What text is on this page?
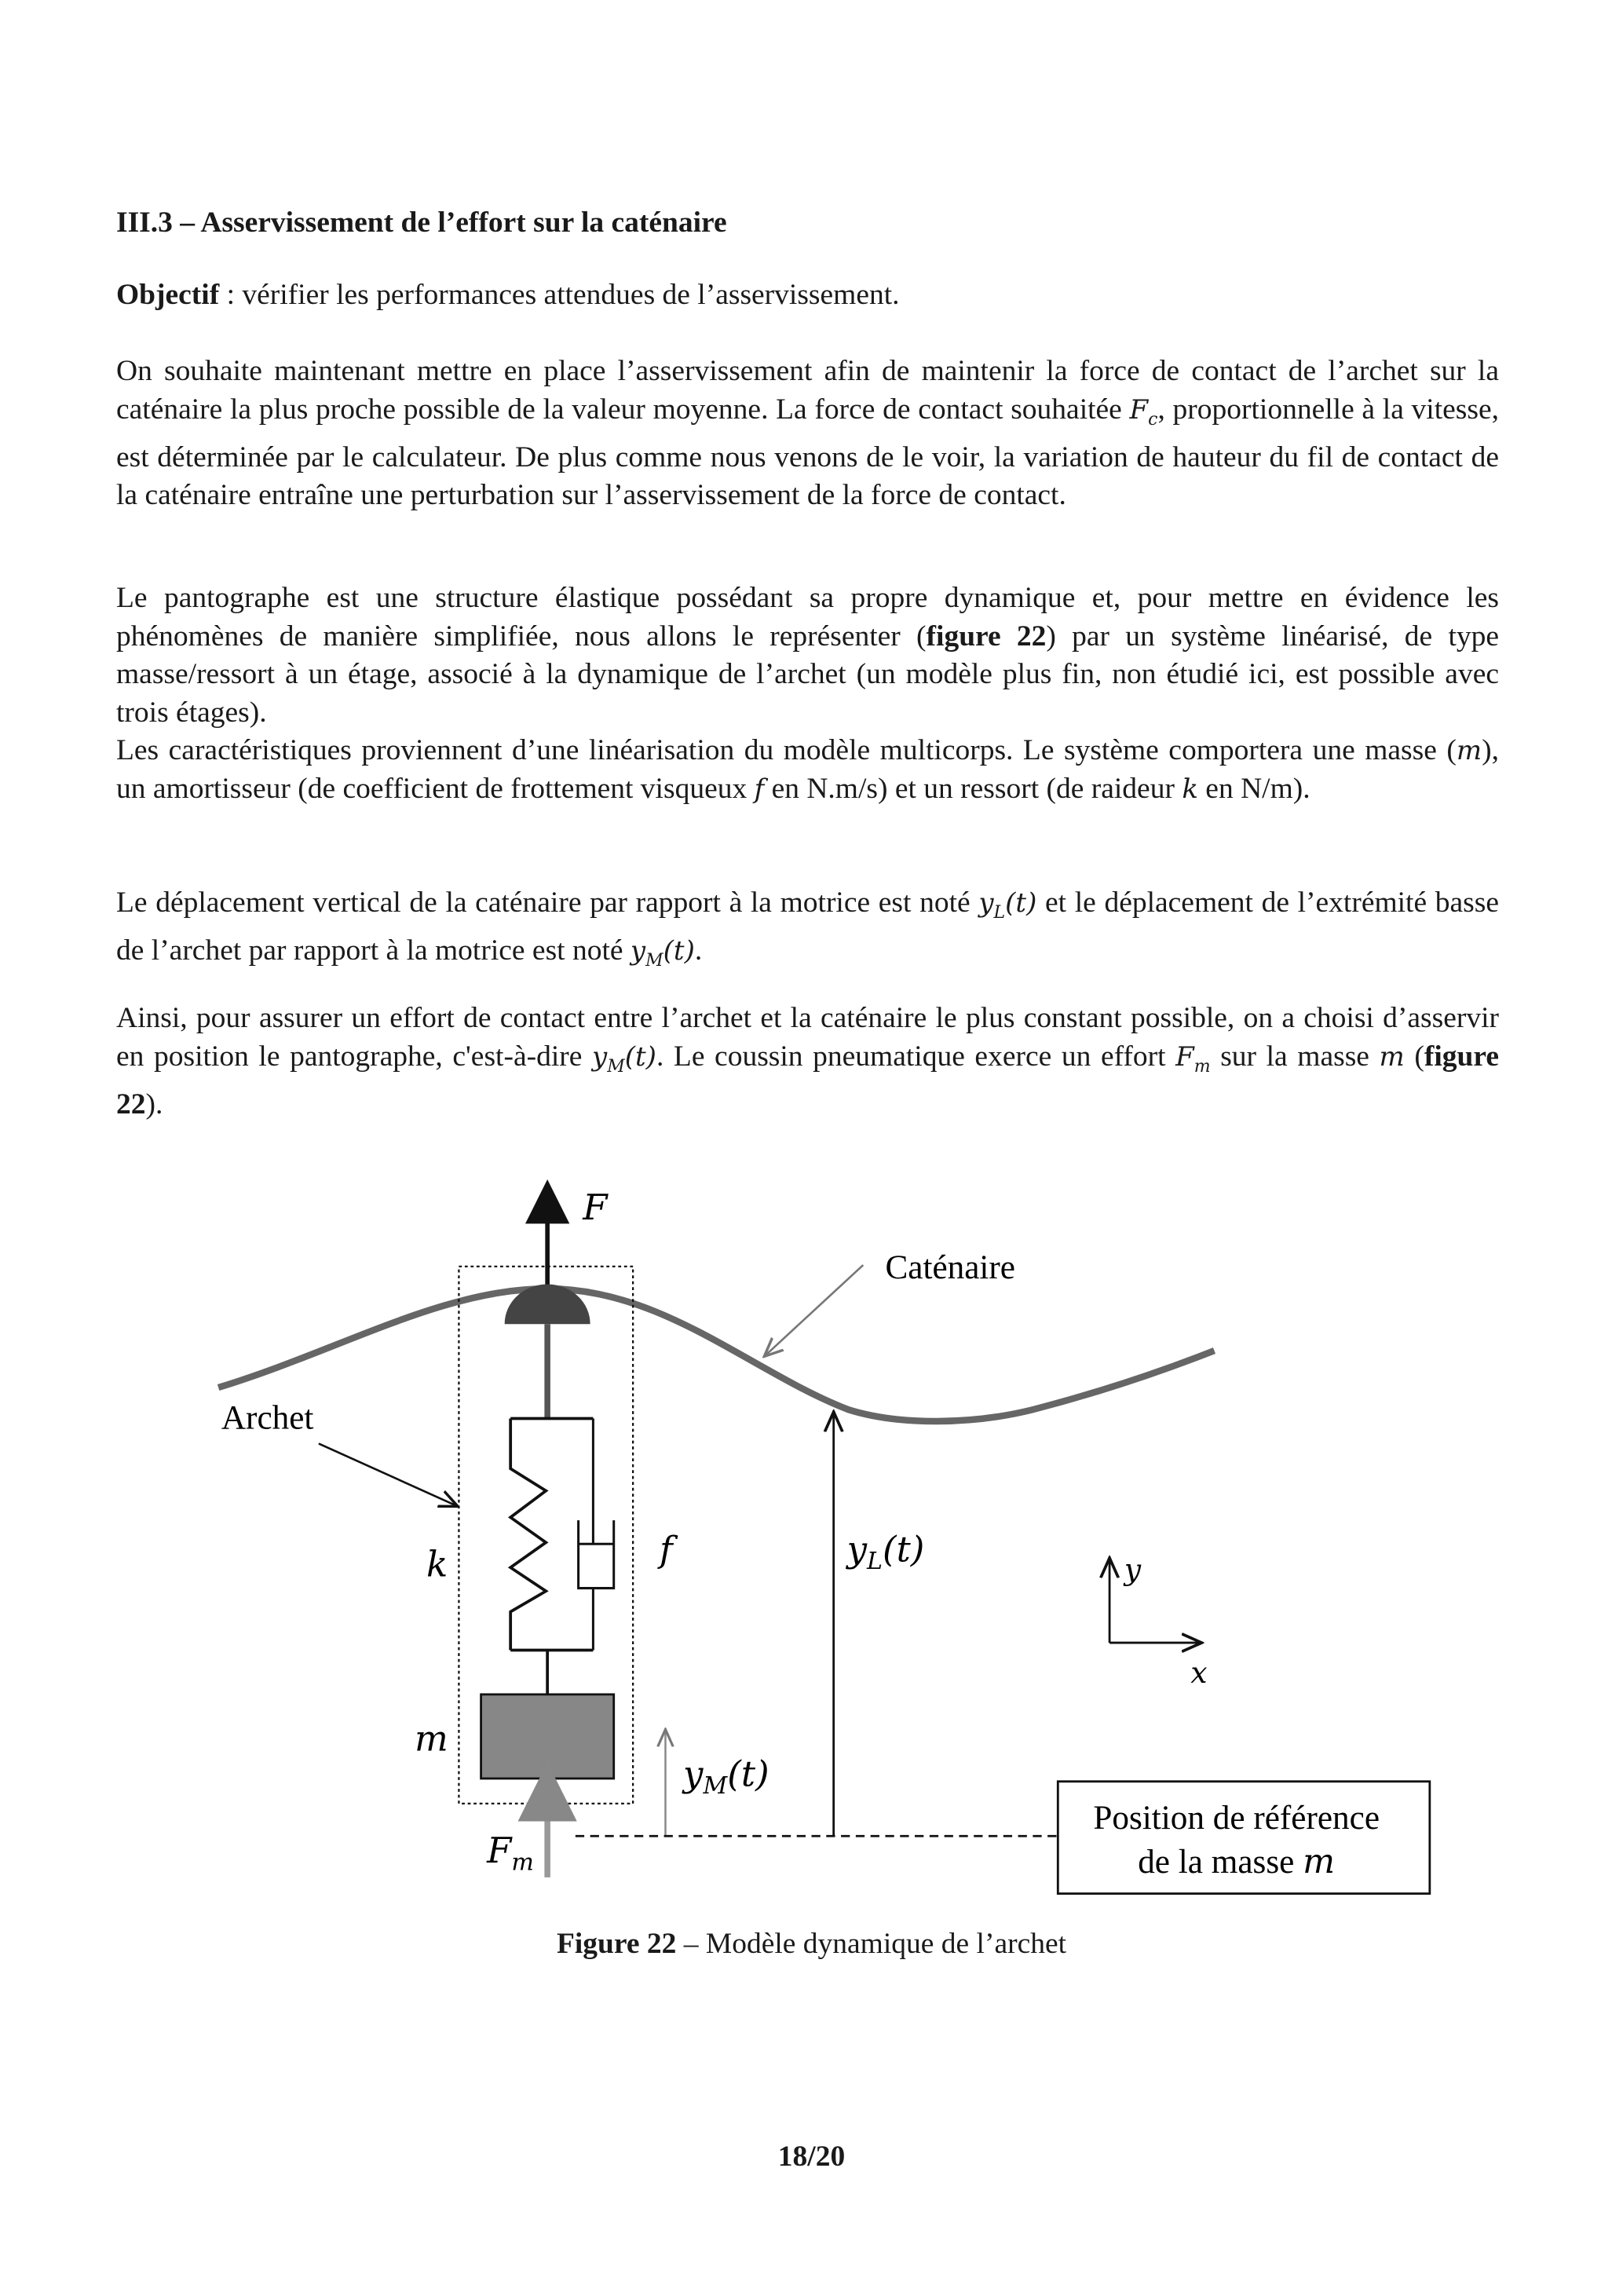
III.3 – Asservissement de l’effort sur la caténaire
Objectif : vérifier les performances attendues de l’asservissement.
On souhaite maintenant mettre en place l’asservissement afin de maintenir la force de contact de l’archet sur la caténaire la plus proche possible de la valeur moyenne. La force de contact souhaitée $F_c$, proportionnelle à la vitesse, est déterminée par le calculateur. De plus comme nous venons de le voir, la variation de hauteur du fil de contact de la caténaire entraîne une perturbation sur l’asservissement de la force de contact.
Le pantographe est une structure élastique possédant sa propre dynamique et, pour mettre en évidence les phénomènes de manière simplifiée, nous allons le représenter (figure 22) par un système linéarisé, de type masse/ressort à un étage, associé à la dynamique de l’archet (un modèle plus fin, non étudié ici, est possible avec trois étages).
Les caractéristiques proviennent d’une linéarisation du modèle multicorps. Le système comportera une masse (m), un amortisseur (de coefficient de frottement visqueux f en N.m/s) et un ressort (de raideur k en N/m).
Le déplacement vertical de la caténaire par rapport à la motrice est noté $y_L(t)$ et le déplacement de l’extrémité basse de l’archet par rapport à la motrice est noté $y_M(t)$.
Ainsi, pour assurer un effort de contact entre l’archet et la caténaire le plus constant possible, on a choisi d’asservir en position le pantographe, c'est-à-dire $y_M(t)$. Le coussin pneumatique exerce un effort $F_m$ sur la masse m (figure 22).
F
$F_m$
k	f
m
Archet
Caténaire
$y_L(t)$
$y_M(t)$
Position de référence
de la masse m
y
x
Figure 22 – Modèle dynamique de l’archet
18/20
